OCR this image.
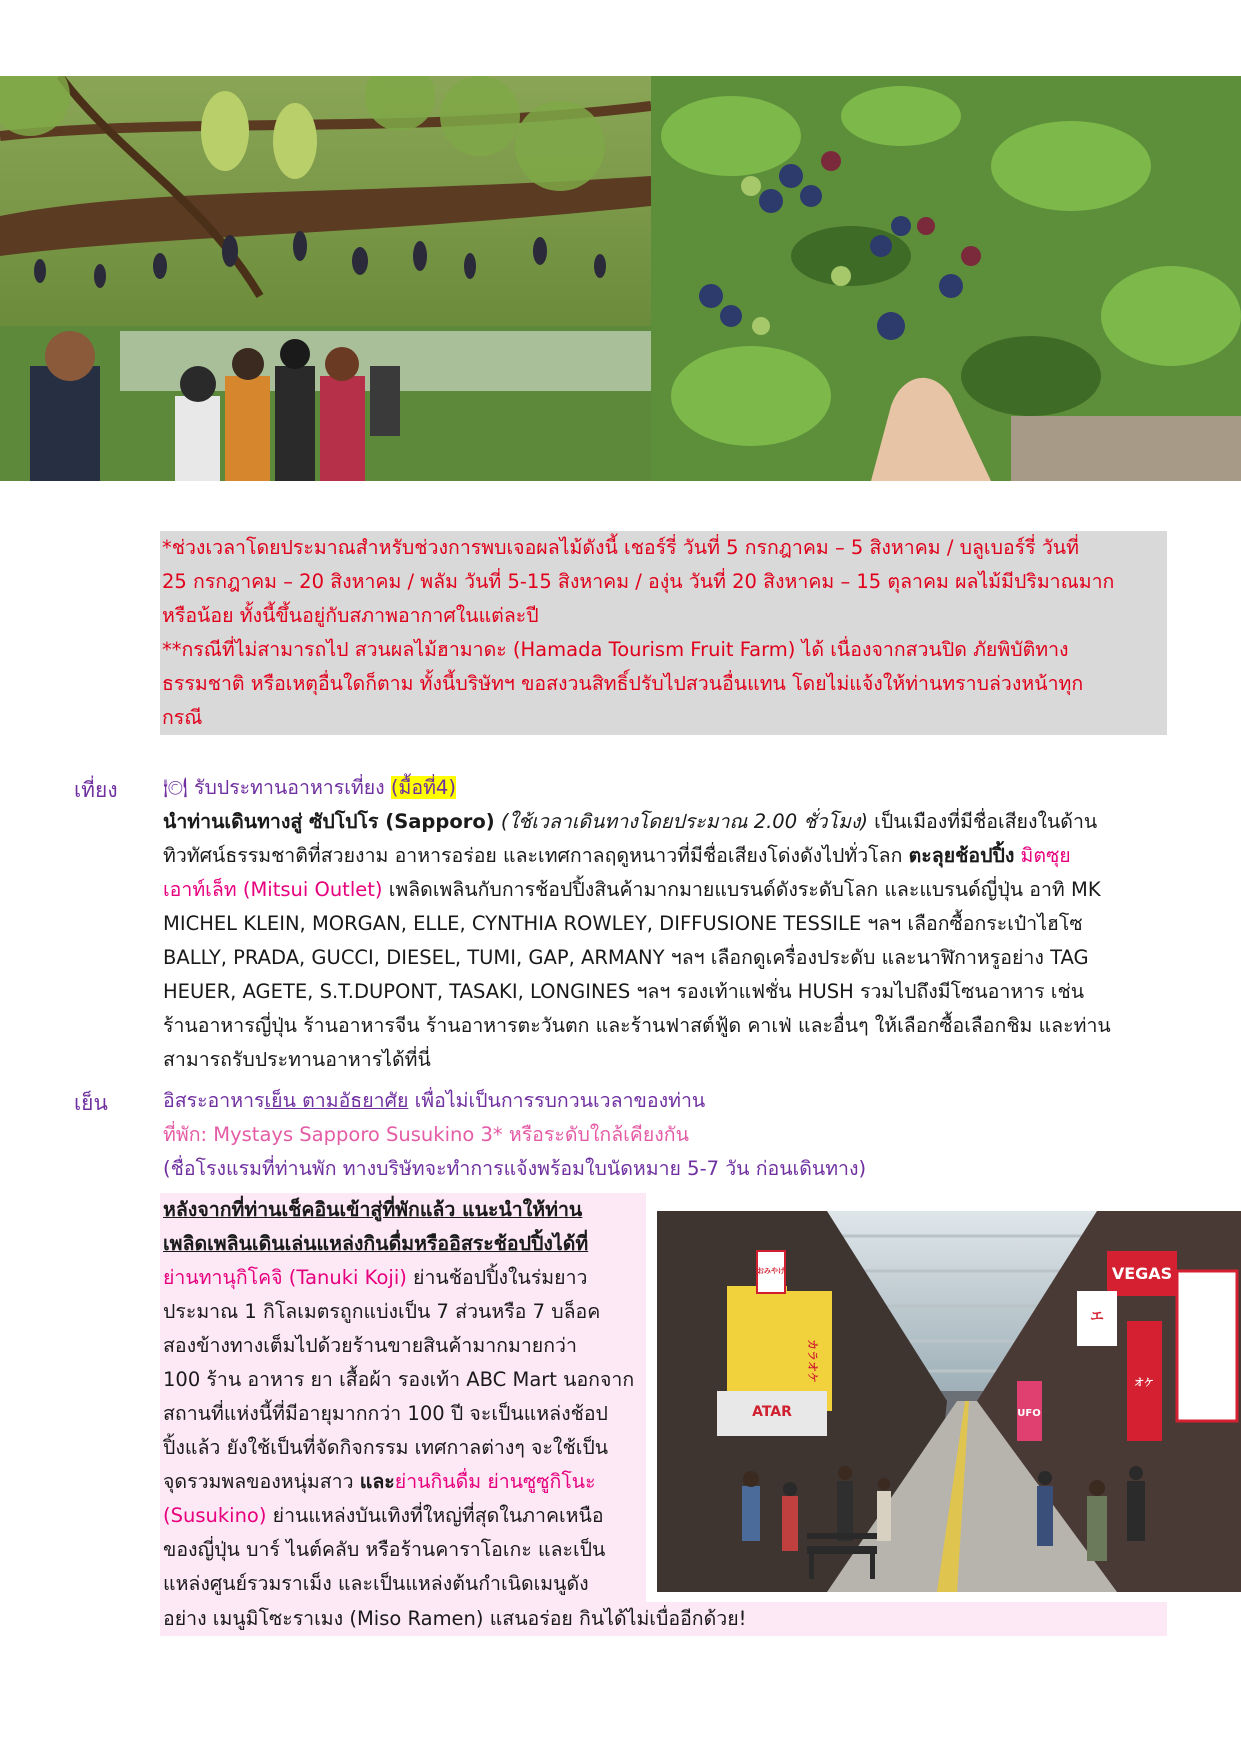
*ช่วงเวลาโดยประมาณสำหรับช่วงการพบเจอผลไม้ดังนี้ เชอร์รี่ วันที่ 5 กรกฎาคม – 5 สิงหาคม / บลูเบอร์รี่ วันที่

25 กรกฎาคม – 20 สิงหาคม / พลัม วันที่ 5-15 สิงหาคม / องุ่น วันที่ 20 สิงหาคม – 15 ตุลาคม ผลไม้มีปริมาณมาก

หรือน้อย ทั้งนี้ขึ้นอยู่กับสภาพอากาศในแต่ละปี

**กรณีที่ไม่สามารถไป สวนผลไม้ฮามาดะ (Hamada Tourism Fruit Farm) ได้ เนื่องจากสวนปิด ภัยพิบัติทาง

ธรรมชาติ หรือเหตุอื่นใดก็ตาม ทั้งนี้บริษัทฯ ขอสงวนสิทธิ์ปรับไปสวนอื่นแทน โดยไม่แจ้งให้ท่านทราบล่วงหน้าทุก

กรณี

เที่ยง 🍽 รับประทานอาหารเที่ยง (มื้อที่4)

นำท่านเดินทางสู่ ซัปโปโร (Sapporo) (ใช้เวลาเดินทางโดยประมาณ 2.00 ชั่วโมง) เป็นเมืองที่มีชื่อเสียงในด้าน

ทิวทัศน์ธรรมชาติที่สวยงาม อาหารอร่อย และเทศกาลฤดูหนาวที่มีชื่อเสียงโด่งดังไปทั่วโลก ตะลุยช้อปปิ้ง มิตซุย

เอาท์เล็ท (Mitsui Outlet) เพลิดเพลินกับการช้อปปิ้งสินค้ามากมายแบรนด์ดังระดับโลก และแบรนด์ญี่ปุ่น อาทิ MK

MICHEL KLEIN, MORGAN, ELLE, CYNTHIA ROWLEY, DIFFUSIONE TESSILE ฯลฯ เลือกซื้อกระเป๋าไฮโซ

BALLY, PRADA, GUCCI, DIESEL, TUMI, GAP, ARMANY ฯลฯ เลือกดูเครื่องประดับ และนาฬิกาหรูอย่าง TAG

HEUER, AGETE, S.T.DUPONT, TASAKI, LONGINES ฯลฯ รองเท้าแฟชั่น HUSH รวมไปถึงมีโซนอาหาร เช่น

ร้านอาหารญี่ปุ่น ร้านอาหารจีน ร้านอาหารตะวันตก และร้านฟาสต์ฟู้ด คาเฟ่ และอื่นๆ ให้เลือกซื้อเลือกชิม และท่าน

สามารถรับประทานอาหารได้ที่นี่

เย็น	อิสระอาหารเย็น ตามอัธยาศัย เพื่อไม่เป็นการรบกวนเวลาของท่าน

ที่พัก: Mystays Sapporo Susukino 3* หรือระดับใกล้เคียงกัน

(ชื่อโรงแรมที่ท่านพัก ทางบริษัทจะทำการแจ้งพร้อมใบนัดหมาย 5-7 วัน ก่อนเดินทาง)

หลังจากที่ท่านเช็คอินเข้าสู่ที่พักแล้ว แนะนำให้ท่าน

เพลิดเพลินเดินเล่นแหล่งกินดื่มหรืออิสระช้อปปิ้งได้ที่

ย่านทานุกิโคจิ (Tanuki Koji) ย่านช้อปปิ้งในร่มยาว

ประมาณ 1 กิโลเมตรถูกแบ่งเป็น 7 ส่วนหรือ 7 บล็อค

สองข้างทางเต็มไปด้วยร้านขายสินค้ามากมายกว่า

100 ร้าน อาหาร ยา เสื้อผ้า รองเท้า ABC Mart นอกจาก

สถานที่แห่งนี้ที่มีอายุมากกว่า 100 ปี จะเป็นแหล่งช้อป

ปิ้งแล้ว ยังใช้เป็นที่จัดกิจกรรม เทศกาลต่างๆ จะใช้เป็น

จุดรวมพลของหนุ่มสาว และย่านกินดื่ม ย่านซูซูกิโนะ

(Susukino) ย่านแหล่งบันเทิงที่ใหญ่ที่สุดในภาคเหนือ

ของญี่ปุ่น บาร์ ไนต์คลับ หรือร้านคาราโอเกะ และเป็น

แหล่งศูนย์รวมราเม็ง และเป็นแหล่งต้นกำเนิดเมนูดัง

อย่าง เมนูมิโซะราเมง (Miso Ramen) แสนอร่อย กินได้ไม่เบื่ออีกด้วย!
おみやげ
カラオケ
オケ
エ
ATAR	UFO
VEGAS
